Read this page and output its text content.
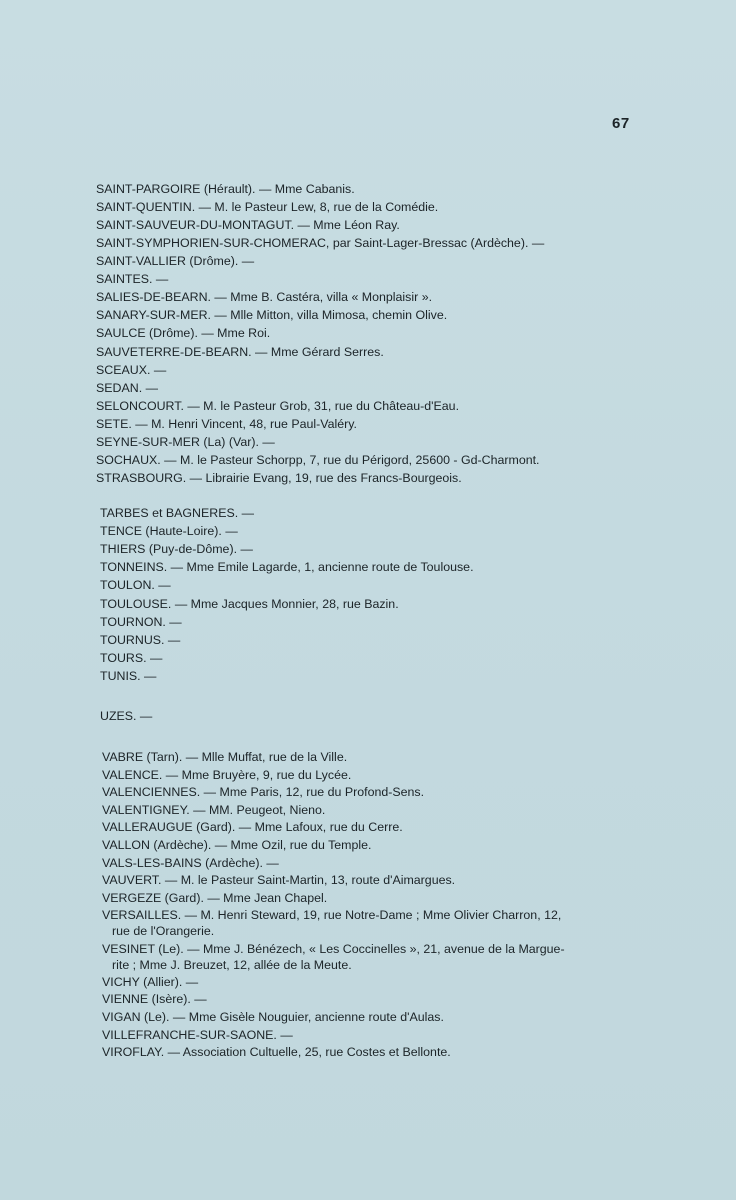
67
SAINT-PARGOIRE (Hérault). — Mme Cabanis.
SAINT-QUENTIN. — M. le Pasteur Lew, 8, rue de la Comédie.
SAINT-SAUVEUR-DU-MONTAGUT. — Mme Léon Ray.
SAINT-SYMPHORIEN-SUR-CHOMERAC, par Saint-Lager-Bressac (Ardèche). —
SAINT-VALLIER (Drôme). —
SAINTES. —
SALIES-DE-BEARN. — Mme B. Castéra, villa « Monplaisir ».
SANARY-SUR-MER. — Mlle Mitton, villa Mimosa, chemin Olive.
SAULCE (Drôme). — Mme Roi.
SAUVETERRE-DE-BEARN. — Mme Gérard Serres.
SCEAUX. —
SEDAN. —
SELONCOURT. — M. le Pasteur Grob, 31, rue du Château-d'Eau.
SETE. — M. Henri Vincent, 48, rue Paul-Valéry.
SEYNE-SUR-MER (La) (Var). —
SOCHAUX. — M. le Pasteur Schorpp, 7, rue du Périgord, 25600 - Gd-Charmont.
STRASBOURG. — Librairie Evang, 19, rue des Francs-Bourgeois.
TARBES et BAGNERES. —
TENCE (Haute-Loire). —
THIERS (Puy-de-Dôme). —
TONNEINS. — Mme Emile Lagarde, 1, ancienne route de Toulouse.
TOULON. —
TOULOUSE. — Mme Jacques Monnier, 28, rue Bazin.
TOURNON. —
TOURNUS. —
TOURS. —
TUNIS. —
UZES. —
VABRE (Tarn). — Mlle Muffat, rue de la Ville.
VALENCE. — Mme Bruyère, 9, rue du Lycée.
VALENCIENNES. — Mme Paris, 12, rue du Profond-Sens.
VALENTIGNEY. — MM. Peugeot, Nieno.
VALLERAUGUE (Gard). — Mme Lafoux, rue du Cerre.
VALLON (Ardèche). — Mme Ozil, rue du Temple.
VALS-LES-BAINS (Ardèche). —
VAUVERT. — M. le Pasteur Saint-Martin, 13, route d'Aimargues.
VERGEZE (Gard). — Mme Jean Chapel.
VERSAILLES. — M. Henri Steward, 19, rue Notre-Dame ; Mme Olivier Charron, 12,
rue de l'Orangerie.
VESINET (Le). — Mme J. Bénézech, « Les Coccinelles », 21, avenue de la Margue-
rite ; Mme J. Breuzet, 12, allée de la Meute.
VICHY (Allier). —
VIENNE (Isère). —
VIGAN (Le). — Mme Gisèle Nouguier, ancienne route d'Aulas.
VILLEFRANCHE-SUR-SAONE. —
VIROFLAY. — Association Cultuelle, 25, rue Costes et Bellonte.
